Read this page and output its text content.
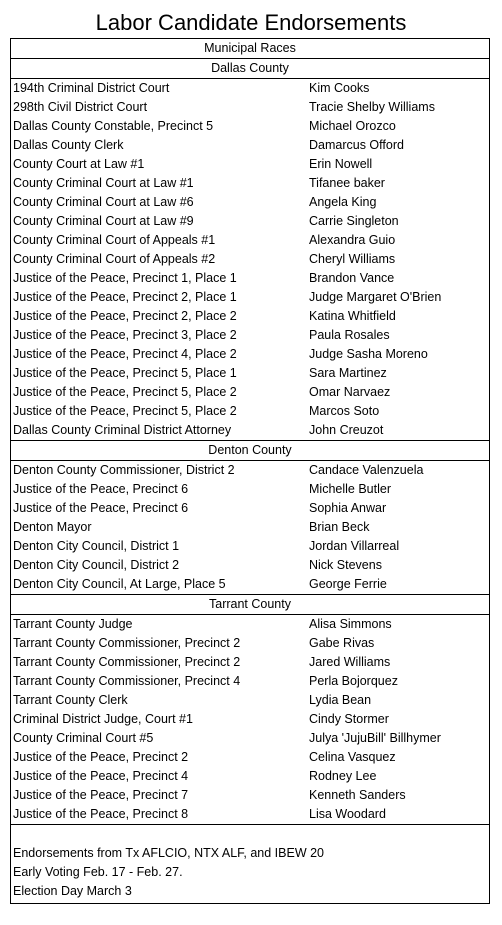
Labor Candidate Endorsements
Municipal Races
Dallas County
194th Criminal District Court	Kim Cooks
298th Civil District Court	Tracie Shelby Williams
Dallas County Constable, Precinct 5	Michael Orozco
Dallas County Clerk	Damarcus Offord
County Court at Law #1	Erin Nowell
County Criminal Court at Law #1	Tifanee baker
County Criminal Court at Law #6	Angela King
County Criminal Court at Law #9	Carrie Singleton
County Criminal Court of Appeals #1	Alexandra Guio
County Criminal Court of Appeals #2	Cheryl Williams
Justice of the Peace, Precinct 1, Place 1	Brandon Vance
Justice of the Peace, Precinct 2, Place 1	Judge Margaret O'Brien
Justice of the Peace, Precinct 2, Place 2	Katina Whitfield
Justice of the Peace, Precinct 3, Place 2	Paula Rosales
Justice of the Peace, Precinct 4, Place 2	Judge Sasha Moreno
Justice of the Peace, Precinct 5, Place 1	Sara Martinez
Justice of the Peace, Precinct 5, Place 2	Omar Narvaez
Justice of the Peace, Precinct 5, Place 2	Marcos Soto
Dallas County Criminal District Attorney	John Creuzot
Denton County
Denton County Commissioner, District 2	Candace Valenzuela
Justice of the Peace, Precinct 6	Michelle Butler
Justice of the Peace, Precinct 6	Sophia Anwar
Denton Mayor	Brian Beck
Denton City Council, District 1	Jordan Villarreal
Denton City Council, District 2	Nick Stevens
Denton City Council, At Large, Place 5	George Ferrie
Tarrant County
Tarrant County Judge	Alisa Simmons
Tarrant County Commissioner, Precinct 2	Gabe Rivas
Tarrant County Commissioner, Precinct 2	Jared Williams
Tarrant County Commissioner, Precinct 4	Perla Bojorquez
Tarrant County Clerk	Lydia Bean
Criminal District Judge, Court #1	Cindy Stormer
County Criminal Court #5	Julya 'JujuBill' Billhymer
Justice of the Peace, Precinct 2	Celina Vasquez
Justice of the Peace, Precinct 4	Rodney Lee
Justice of the Peace, Precinct 7	Kenneth Sanders
Justice of the Peace, Precinct 8	Lisa Woodard
Endorsements from Tx AFLCIO, NTX ALF, and IBEW 20
Early Voting Feb. 17 - Feb. 27.
Election Day March 3
